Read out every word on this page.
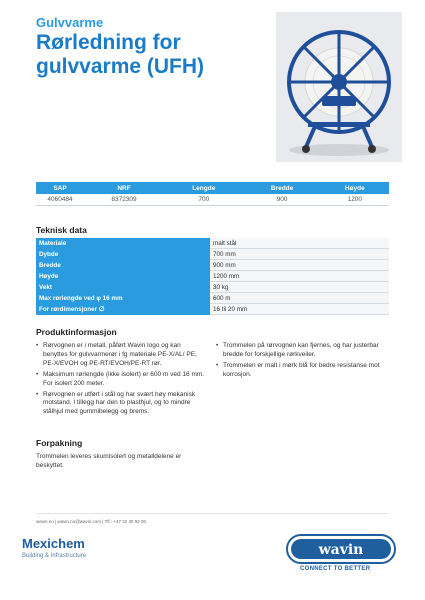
Gulvvarme
Rørledning for gulvvarme (UFH)
SAP	NRF	Lengde	Bredde	Høyde
4060484	8372309	700	900	1200
Teknisk data
Materiale	malt stål
Dybde	700 mm
Bredde	900 mm
Høyde	1200 mm
Vekt	30 kg
Max rørlengde ved φ 16 mm	600 m
For rørdimensjoner ∅	16 til 20 mm
Produktinformasjon
• Rørvognen er i metall, påført Wavin logo og kan benyttes for gulvvarmerør i fg materiale PE-X/AL/ PE, PE-X/EVOH og PE-RT/EVOH/PE-RT rør.
• Maksimum rørlengde (ikke isolert) er 600 m ved 16 mm. For isolert 200 meter.
• Rørvognen er utført i stål og har svært høy mekanisk motstand. I tillegg har den to plasthjul, og to mindre stålhjul med gummibelegg og brems.
• Trommelen på rørvognen kan fjernes, og har justerbar bredde for forskjellige rørkveiler.
• Trommelen er malt i mørk blå for bedre resistanse mot korrosjon.
Forpakning
Trommelen leveres skumisolert og metalldelene er beskyttet.
wavin.no | wavin.no@wavin.com | Tlf.: +47 22 30 92 00
Mexichem
Building & Infrastructure	wavin
CONNECT TO BETTER
